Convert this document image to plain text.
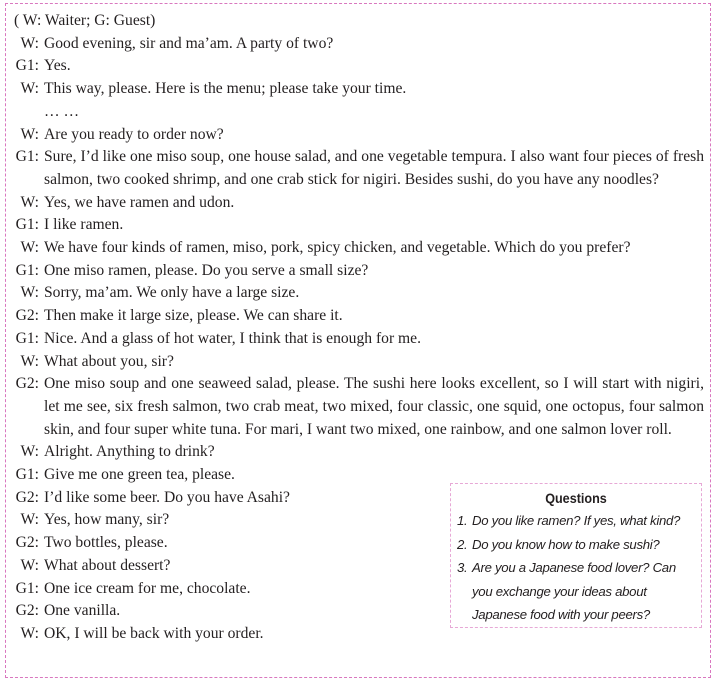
( W: Waiter; G: Guest)
W: Good evening, sir and ma’am. A party of two?
G1: Yes.
W: This way, please. Here is the menu; please take your time.
… …
W: Are you ready to order now?
G1: Sure, I’d like one miso soup, one house salad, and one vegetable tempura. I also want four pieces of fresh salmon, two cooked shrimp, and one crab stick for nigiri. Besides sushi, do you have any noodles?
W: Yes, we have ramen and udon.
G1: I like ramen.
W: We have four kinds of ramen, miso, pork, spicy chicken, and vegetable. Which do you prefer?
G1: One miso ramen, please. Do you serve a small size?
W: Sorry, ma’am. We only have a large size.
G2: Then make it large size, please. We can share it.
G1: Nice. And a glass of hot water, I think that is enough for me.
W: What about you, sir?
G2: One miso soup and one seaweed salad, please. The sushi here looks excellent, so I will start with nigiri, let me see, six fresh salmon, two crab meat, two mixed, four classic, one squid, one octopus, four salmon skin, and four super white tuna. For mari, I want two mixed, one rainbow, and one salmon lover roll.
W: Alright. Anything to drink?
G1: Give me one green tea, please.
G2: I’d like some beer. Do you have Asahi?
W: Yes, how many, sir?
G2: Two bottles, please.
W: What about dessert?
G1: One ice cream for me, chocolate.
G2: One vanilla.
W: OK, I will be back with your order.
Questions
1. Do you like ramen? If yes, what kind?
2. Do you know how to make sushi?
3. Are you a Japanese food lover? Can you exchange your ideas about Japanese food with your peers?
